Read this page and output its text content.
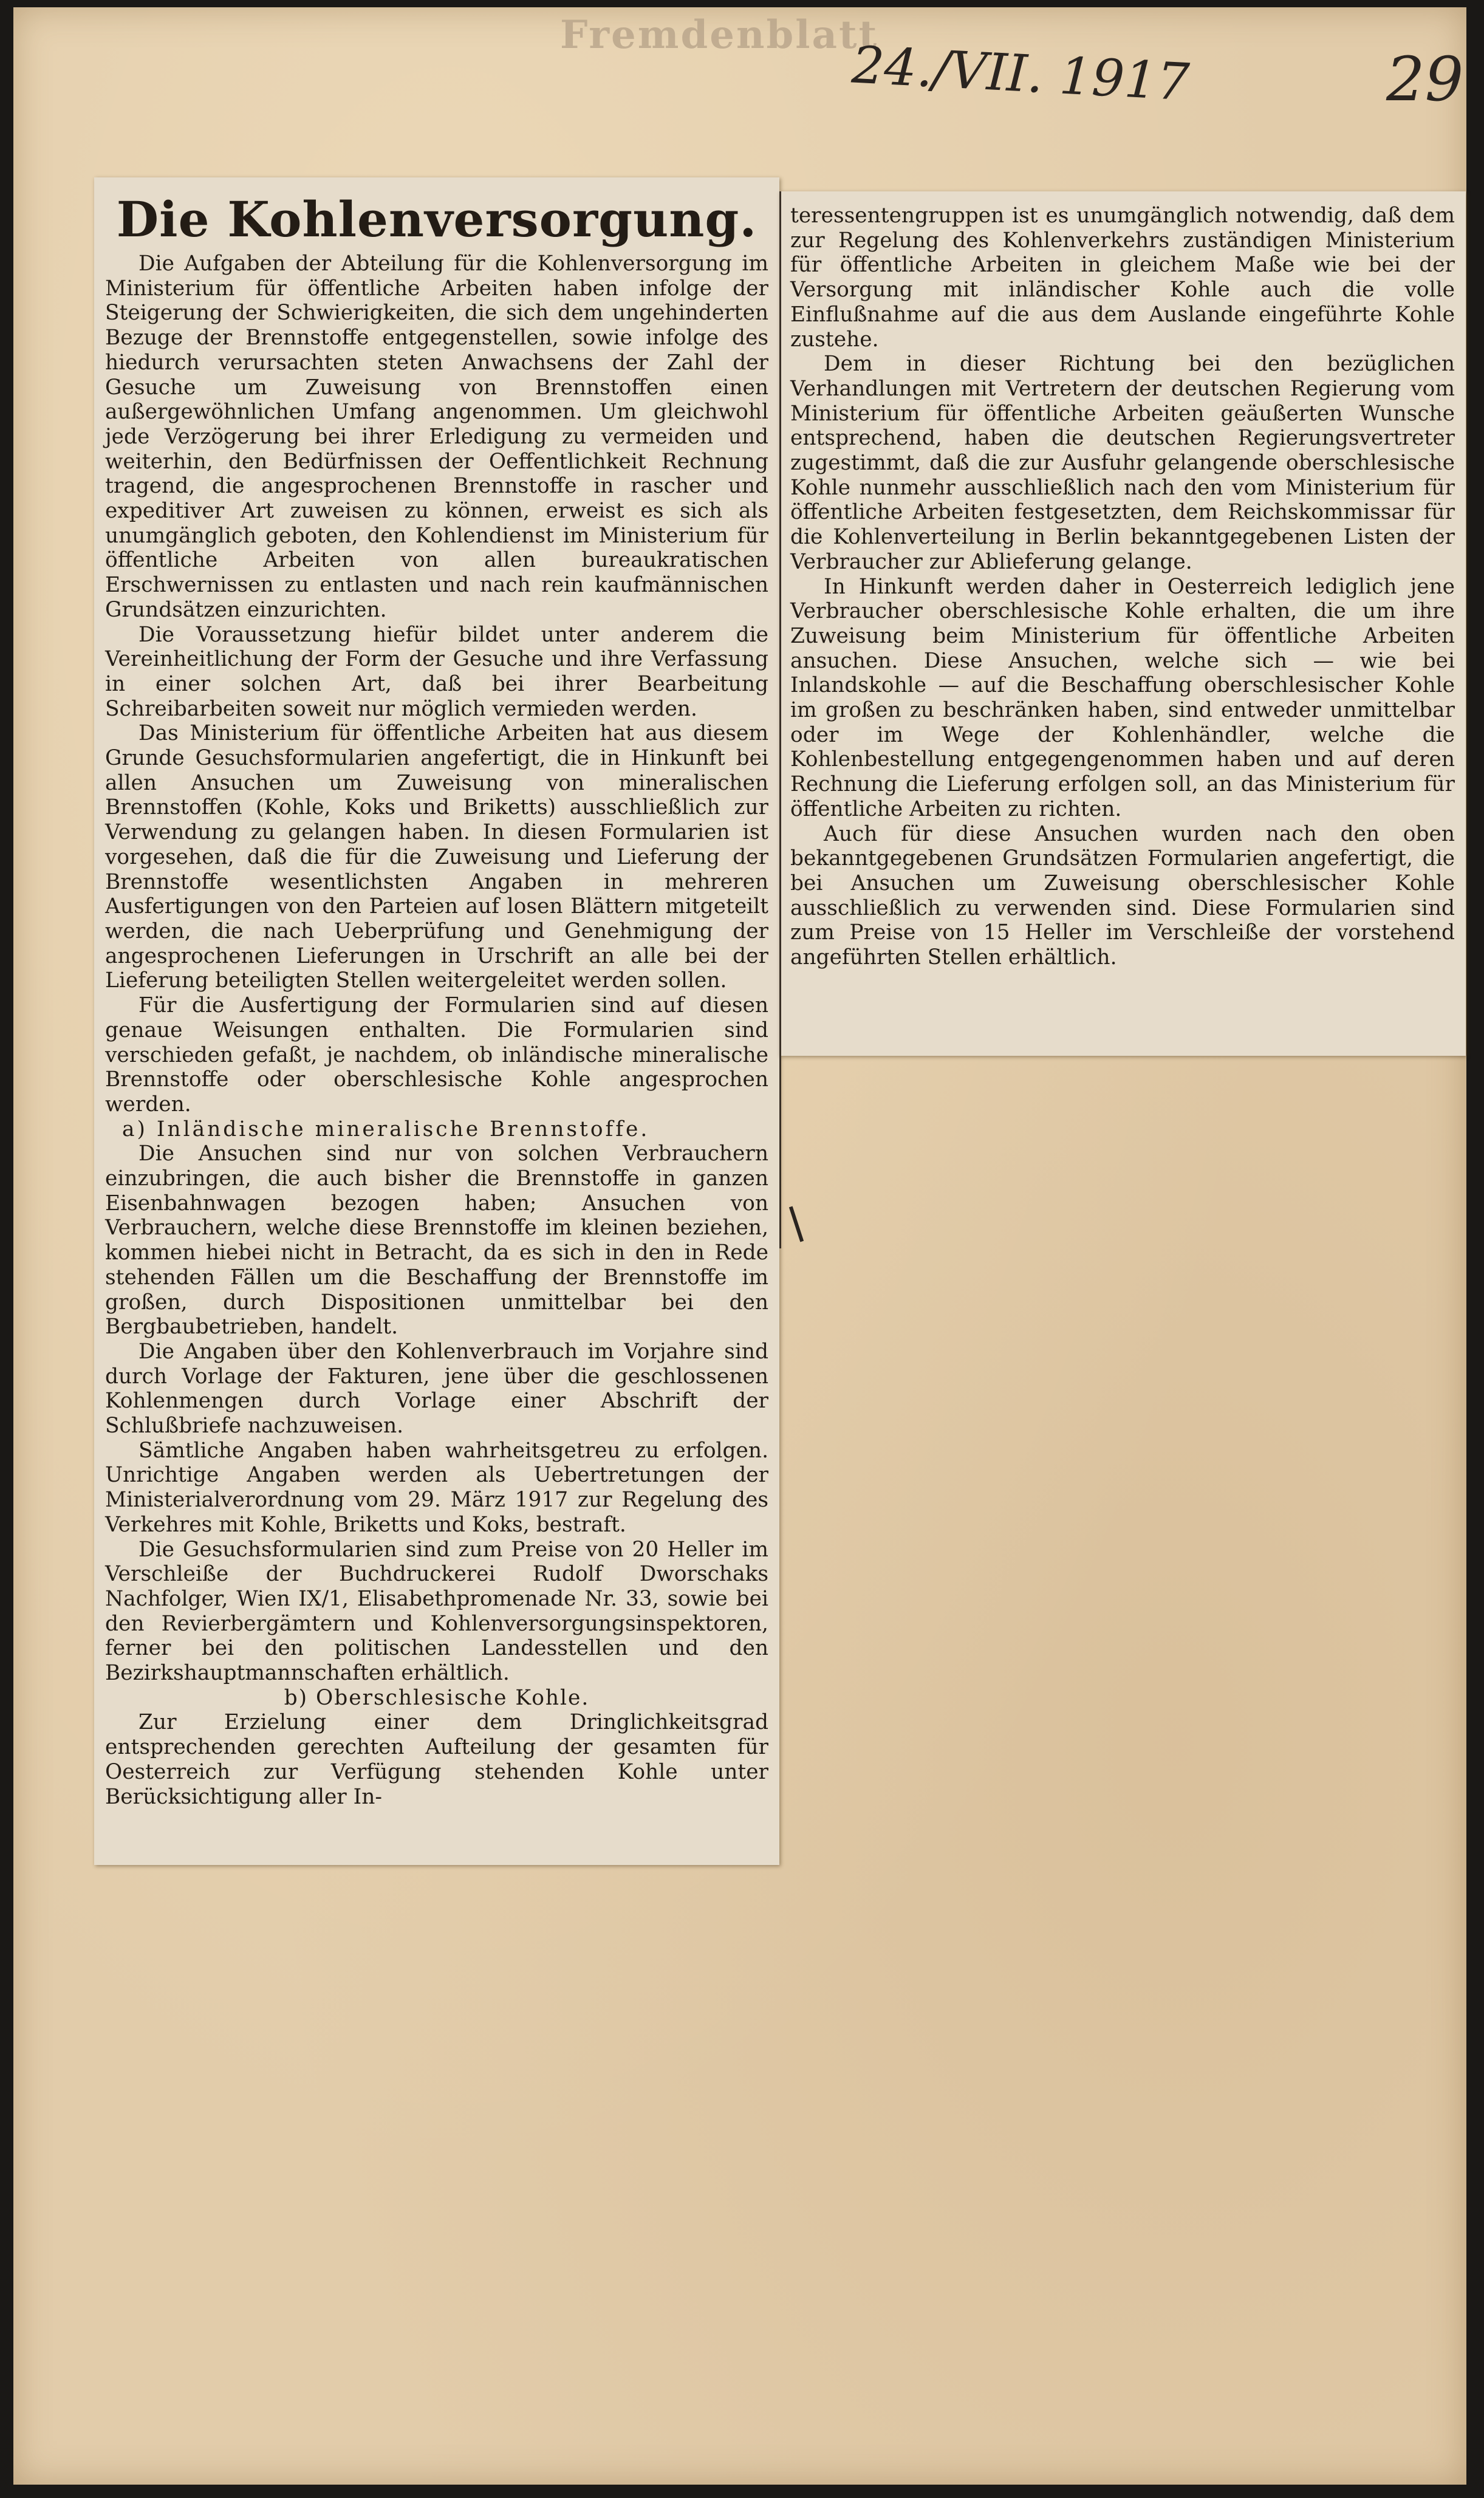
Fremdenblatt
24./VII. 1917	29
Die Kohlenversorgung.

Die Aufgaben der Abteilung für die Kohlenversorgung im Ministerium für öffentliche Arbeiten haben infolge der Steigerung der Schwierigkeiten, die sich dem ungehinderten Bezuge der Brennstoffe entgegenstellen, sowie infolge des hiedurch verursachten steten Anwachsens der Zahl der Gesuche um Zuweisung von Brennstoffen einen außergewöhnlichen Umfang angenommen. Um gleichwohl jede Verzögerung bei ihrer Erledigung zu vermeiden und weiterhin, den Bedürfnissen der Oeffentlichkeit Rechnung tragend, die angesprochenen Brennstoffe in rascher und expeditiver Art zuweisen zu können, erweist es sich als unumgänglich geboten, den Kohlendienst im Ministerium für öffentliche Arbeiten von allen bureaukratischen Erschwernissen zu entlasten und nach rein kaufmännischen Grundsätzen einzurichten.

Die Voraussetzung hiefür bildet unter anderem die Vereinheitlichung der Form der Gesuche und ihre Verfassung in einer solchen Art, daß bei ihrer Bearbeitung Schreibarbeiten soweit nur möglich vermieden werden.

Das Ministerium für öffentliche Arbeiten hat aus diesem Grunde Gesuchsformularien angefertigt, die in Hinkunft bei allen Ansuchen um Zuweisung von mineralischen Brennstoffen (Kohle, Koks und Briketts) ausschließlich zur Verwendung zu gelangen haben. In diesen Formularien ist vorgesehen, daß die für die Zuweisung und Lieferung der Brennstoffe wesentlichsten Angaben in mehreren Ausfertigungen von den Parteien auf losen Blättern mitgeteilt werden, die nach Ueberprüfung und Genehmigung der angesprochenen Lieferungen in Urschrift an alle bei der Lieferung beteiligten Stellen weitergeleitet werden sollen.

Für die Ausfertigung der Formularien sind auf diesen genaue Weisungen enthalten. Die Formularien sind verschieden gefaßt, je nachdem, ob inländische mineralische Brennstoffe oder oberschlesische Kohle angesprochen werden.

a) Inländische mineralische Brennstoffe.

Die Ansuchen sind nur von solchen Verbrauchern einzubringen, die auch bisher die Brennstoffe in ganzen Eisenbahnwagen bezogen haben; Ansuchen von Verbrauchern, welche diese Brennstoffe im kleinen beziehen, kommen hiebei nicht in Betracht, da es sich in den in Rede stehenden Fällen um die Beschaffung der Brennstoffe im großen, durch Dispositionen unmittelbar bei den Bergbaubetrieben, handelt.

Die Angaben über den Kohlenverbrauch im Vorjahre sind durch Vorlage der Fakturen, jene über die geschlossenen Kohlenmengen durch Vorlage einer Abschrift der Schlußbriefe nachzuweisen.

Sämtliche Angaben haben wahrheitsgetreu zu erfolgen. Unrichtige Angaben werden als Uebertretungen der Ministerialverordnung vom 29. März 1917 zur Regelung des Verkehres mit Kohle, Briketts und Koks, bestraft.

Die Gesuchsformularien sind zum Preise von 20 Heller im Verschleiße der Buchdruckerei Rudolf Dworschaks Nachfolger, Wien IX/1, Elisabethpromenade Nr. 33, sowie bei den Revierbergämtern und Kohlenversorgungsinspektoren, ferner bei den politischen Landesstellen und den Bezirkshauptmannschaften erhältlich.

b) Oberschlesische Kohle.

Zur Erzielung einer dem Dringlichkeitsgrad entsprechenden gerechten Aufteilung der gesamten für Oesterreich zur Verfügung stehenden Kohle unter Berücksichtigung aller In-

teressentengruppen ist es unumgänglich notwendig, daß dem zur Regelung des Kohlenverkehrs zuständigen Ministerium für öffentliche Arbeiten in gleichem Maße wie bei der Versorgung mit inländischer Kohle auch die volle Einflußnahme auf die aus dem Auslande eingeführte Kohle zustehe.

Dem in dieser Richtung bei den bezüglichen Verhandlungen mit Vertretern der deutschen Regierung vom Ministerium für öffentliche Arbeiten geäußerten Wunsche entsprechend, haben die deutschen Regierungsvertreter zugestimmt, daß die zur Ausfuhr gelangende oberschlesische Kohle nunmehr ausschließlich nach den vom Ministerium für öffentliche Arbeiten festgesetzten, dem Reichskommissar für die Kohlenverteilung in Berlin bekanntgegebenen Listen der Verbraucher zur Ablieferung gelange.

In Hinkunft werden daher in Oesterreich lediglich jene Verbraucher oberschlesische Kohle erhalten, die um ihre Zuweisung beim Ministerium für öffentliche Arbeiten ansuchen. Diese Ansuchen, welche sich — wie bei Inlandskohle — auf die Beschaffung oberschlesischer Kohle im großen zu beschränken haben, sind entweder unmittelbar oder im Wege der Kohlenhändler, welche die Kohlenbestellung entgegengenommen haben und auf deren Rechnung die Lieferung erfolgen soll, an das Ministerium für öffentliche Arbeiten zu richten.

Auch für diese Ansuchen wurden nach den oben bekanntgegebenen Grundsätzen Formularien angefertigt, die bei Ansuchen um Zuweisung oberschlesischer Kohle ausschließlich zu verwenden sind. Diese Formularien sind zum Preise von 15 Heller im Verschleiße der vorstehend angeführten Stellen erhältlich.
